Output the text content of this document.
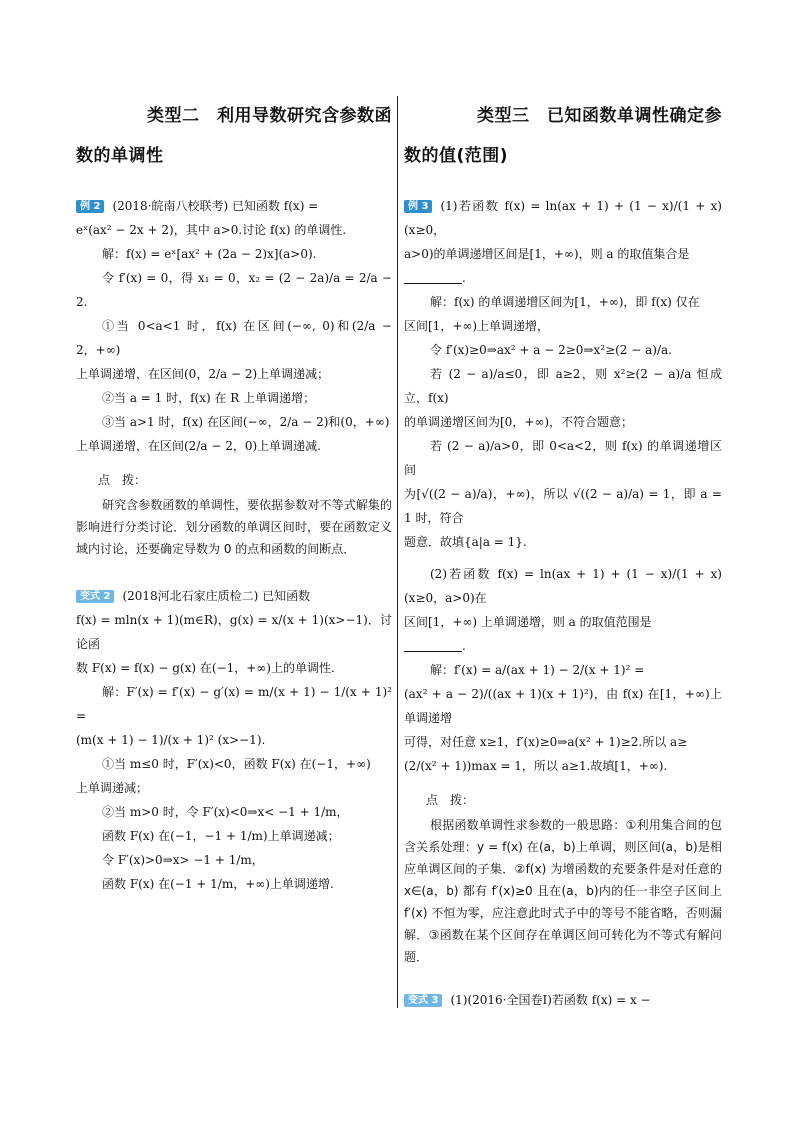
类型二　利用导数研究含参数函

数的单调性

例 2 (2018·皖南八校联考) 已知函数 f(x) =

eˣ(ax² − 2x + 2)，其中 a>0.讨论 f(x) 的单调性.

解：f(x) = eˣ[ax² + (2a − 2)x](a>0).

令 f′(x) = 0，得 x₁ = 0，x₂ = (2 − 2a)/a = 2/a − 2.

①当 0<a<1 时，f(x) 在区间(−∞, 0)和(2/a − 2，+∞)

上单调递增，在区间(0，2/a − 2)上单调递减；

②当 a = 1 时，f(x) 在 R 上单调递增；

③当 a>1 时，f(x) 在区间(−∞，2/a − 2)和(0，+∞)

上单调递增，在区间(2/a − 2，0)上单调递减.

点　拨：

研究含参数函数的单调性，要依据参数对不等式解集的影响进行分类讨论．划分函数的单调区间时，要在函数定义域内讨论，还要确定导数为 0 的点和函数的间断点．

变式 2 (2018河北石家庄质检二) 已知函数

f(x) = mln(x + 1)(m∈R)，g(x) = x/(x + 1)(x>−1)．讨论函

数 F(x) = f(x) − g(x) 在(−1，+∞)上的单调性.

解：F′(x) = f′(x) − g′(x) = m/(x + 1) − 1/(x + 1)² =

(m(x + 1) − 1)/(x + 1)² (x>−1).

①当 m≤0 时，F′(x)<0，函数 F(x) 在(−1，+∞)

上单调递减；

②当 m>0 时，令 F′(x)<0⇒x< −1 + 1/m，

函数 F(x) 在(−1，−1 + 1/m)上单调递减；

令 F′(x)>0⇒x> −1 + 1/m，

函数 F(x) 在(−1 + 1/m，+∞)上单调递增.

类型三　已知函数单调性确定参

数的值(范围)

例 3 (1)若函数 f(x) = ln(ax + 1) + (1 − x)/(1 + x)(x≥0，

a>0)的单调递增区间是[1，+∞)，则 a 的取值集合是

.

解：f(x) 的单调递增区间为[1，+∞)，即 f(x) 仅在

区间[1，+∞)上单调递增，

令 f′(x)≥0⇒ax² + a − 2≥0⇒x²≥(2 − a)/a.

若 (2 − a)/a≤0，即 a≥2，则 x²≥(2 − a)/a 恒成立，f(x)

的单调递增区间为[0，+∞)，不符合题意；

若 (2 − a)/a>0，即 0<a<2，则 f(x) 的单调递增区间

为[√((2 − a)/a)，+∞)，所以 √((2 − a)/a) = 1，即 a = 1 时，符合

题意．故填{a|a = 1}.

(2)若函数 f(x) = ln(ax + 1) + (1 − x)/(1 + x)(x≥0，a>0)在

区间[1，+∞) 上单调递增，则 a 的取值范围是

.

解：f′(x) = a/(ax + 1) − 2/(x + 1)² =

(ax² + a − 2)/((ax + 1)(x + 1)²)，由 f(x) 在[1，+∞)上单调递增

可得，对任意 x≥1，f′(x)≥0⇒a(x² + 1)≥2.所以 a≥

(2/(x² + 1))max = 1，所以 a≥1.故填[1，+∞).

点　拨：

根据函数单调性求参数的一般思路：①利用集合间的包含关系处理：y = f(x) 在(a，b)上单调，则区间(a，b)是相应单调区间的子集．②f(x) 为增函数的充要条件是对任意的 x∈(a，b) 都有 f′(x)≥0 且在(a，b)内的任一非空子区间上 f′(x) 不恒为零，应注意此时式子中的等号不能省略，否则漏解．③函数在某个区间存在单调区间可转化为不等式有解问题．

变式 3 (1)(2016·全国卷Ⅰ)若函数 f(x) = x −
